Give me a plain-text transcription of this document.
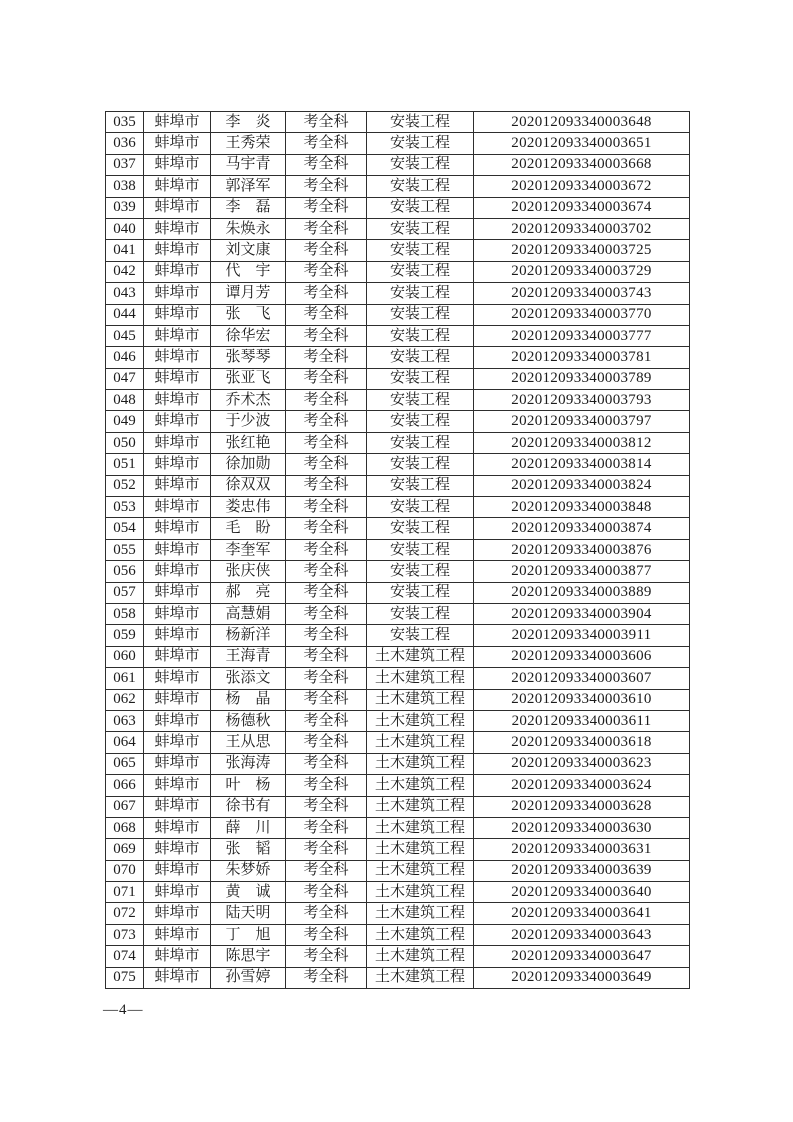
035	蚌埠市	李　炎	考全科	安装工程	202012093340003648
036	蚌埠市	王秀荣	考全科	安装工程	202012093340003651
037	蚌埠市	马宇青	考全科	安装工程	202012093340003668
038	蚌埠市	郭泽军	考全科	安装工程	202012093340003672
039	蚌埠市	李　磊	考全科	安装工程	202012093340003674
040	蚌埠市	朱焕永	考全科	安装工程	202012093340003702
041	蚌埠市	刘文康	考全科	安装工程	202012093340003725
042	蚌埠市	代　宇	考全科	安装工程	202012093340003729
043	蚌埠市	谭月芳	考全科	安装工程	202012093340003743
044	蚌埠市	张　飞	考全科	安装工程	202012093340003770
045	蚌埠市	徐华宏	考全科	安装工程	202012093340003777
046	蚌埠市	张琴琴	考全科	安装工程	202012093340003781
047	蚌埠市	张亚飞	考全科	安装工程	202012093340003789
048	蚌埠市	乔术杰	考全科	安装工程	202012093340003793
049	蚌埠市	于少波	考全科	安装工程	202012093340003797
050	蚌埠市	张红艳	考全科	安装工程	202012093340003812
051	蚌埠市	徐加勋	考全科	安装工程	202012093340003814
052	蚌埠市	徐双双	考全科	安装工程	202012093340003824
053	蚌埠市	娄忠伟	考全科	安装工程	202012093340003848
054	蚌埠市	毛　盼	考全科	安装工程	202012093340003874
055	蚌埠市	李奎军	考全科	安装工程	202012093340003876
056	蚌埠市	张庆侠	考全科	安装工程	202012093340003877
057	蚌埠市	郝　亮	考全科	安装工程	202012093340003889
058	蚌埠市	高慧娟	考全科	安装工程	202012093340003904
059	蚌埠市	杨新洋	考全科	安装工程	202012093340003911
060	蚌埠市	王海青	考全科	土木建筑工程	202012093340003606
061	蚌埠市	张添文	考全科	土木建筑工程	202012093340003607
062	蚌埠市	杨　晶	考全科	土木建筑工程	202012093340003610
063	蚌埠市	杨德秋	考全科	土木建筑工程	202012093340003611
064	蚌埠市	王从思	考全科	土木建筑工程	202012093340003618
065	蚌埠市	张海涛	考全科	土木建筑工程	202012093340003623
066	蚌埠市	叶　杨	考全科	土木建筑工程	202012093340003624
067	蚌埠市	徐书有	考全科	土木建筑工程	202012093340003628
068	蚌埠市	薛　川	考全科	土木建筑工程	202012093340003630
069	蚌埠市	张　韬	考全科	土木建筑工程	202012093340003631
070	蚌埠市	朱梦娇	考全科	土木建筑工程	202012093340003639
071	蚌埠市	黄　诚	考全科	土木建筑工程	202012093340003640
072	蚌埠市	陆天明	考全科	土木建筑工程	202012093340003641
073	蚌埠市	丁　旭	考全科	土木建筑工程	202012093340003643
074	蚌埠市	陈思宇	考全科	土木建筑工程	202012093340003647
075	蚌埠市	孙雪婷	考全科	土木建筑工程	202012093340003649
—4—
